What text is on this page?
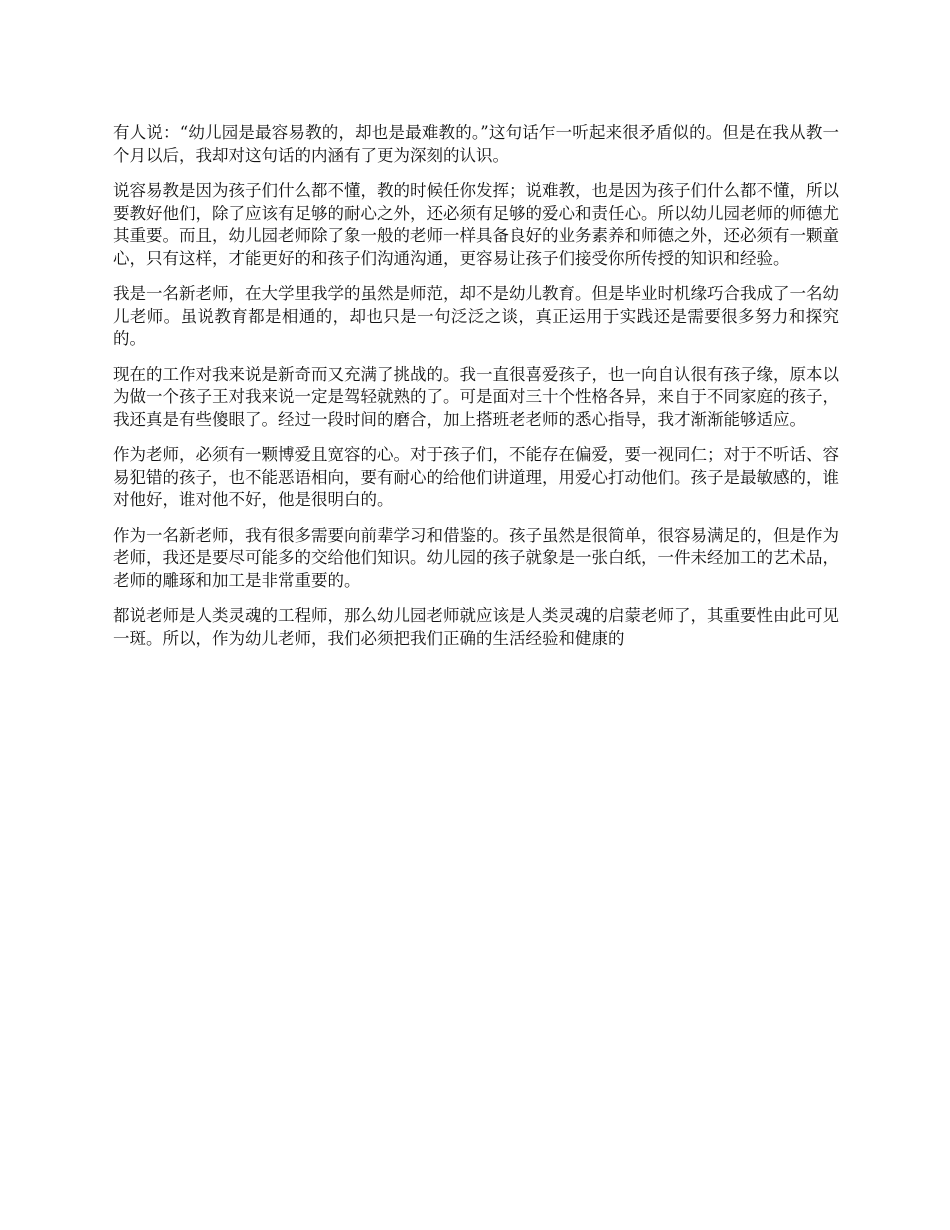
有人说：“幼儿园是最容易教的，却也是最难教的。”这句话乍一听起来很矛盾似的。但是在我从教一个月以后，我却对这句话的内涵有了更为深刻的认识。

说容易教是因为孩子们什么都不懂，教的时候任你发挥；说难教，也是因为孩子们什么都不懂，所以要教好他们，除了应该有足够的耐心之外，还必须有足够的爱心和责任心。所以幼儿园老师的师德尤其重要。而且，幼儿园老师除了象一般的老师一样具备良好的业务素养和师德之外，还必须有一颗童心，只有这样，才能更好的和孩子们沟通沟通，更容易让孩子们接受你所传授的知识和经验。

我是一名新老师，在大学里我学的虽然是师范，却不是幼儿教育。但是毕业时机缘巧合我成了一名幼儿老师。虽说教育都是相通的，却也只是一句泛泛之谈，真正运用于实践还是需要很多努力和探究的。

现在的工作对我来说是新奇而又充满了挑战的。我一直很喜爱孩子，也一向自认很有孩子缘，原本以为做一个孩子王对我来说一定是驾轻就熟的了。可是面对三十个性格各异，来自于不同家庭的孩子，我还真是有些傻眼了。经过一段时间的磨合，加上搭班老老师的悉心指导，我才渐渐能够适应。

作为老师，必须有一颗博爱且宽容的心。对于孩子们，不能存在偏爱，要一视同仁；对于不听话、容易犯错的孩子，也不能恶语相向，要有耐心的给他们讲道理，用爱心打动他们。孩子是最敏感的，谁对他好，谁对他不好，他是很明白的。

作为一名新老师，我有很多需要向前辈学习和借鉴的。孩子虽然是很简单，很容易满足的，但是作为老师，我还是要尽可能多的交给他们知识。幼儿园的孩子就象是一张白纸，一件未经加工的艺术品，老师的雕琢和加工是非常重要的。

都说老师是人类灵魂的工程师，那么幼儿园老师就应该是人类灵魂的启蒙老师了，其重要性由此可见一斑。所以，作为幼儿老师，我们必须把我们正确的生活经验和健康的
